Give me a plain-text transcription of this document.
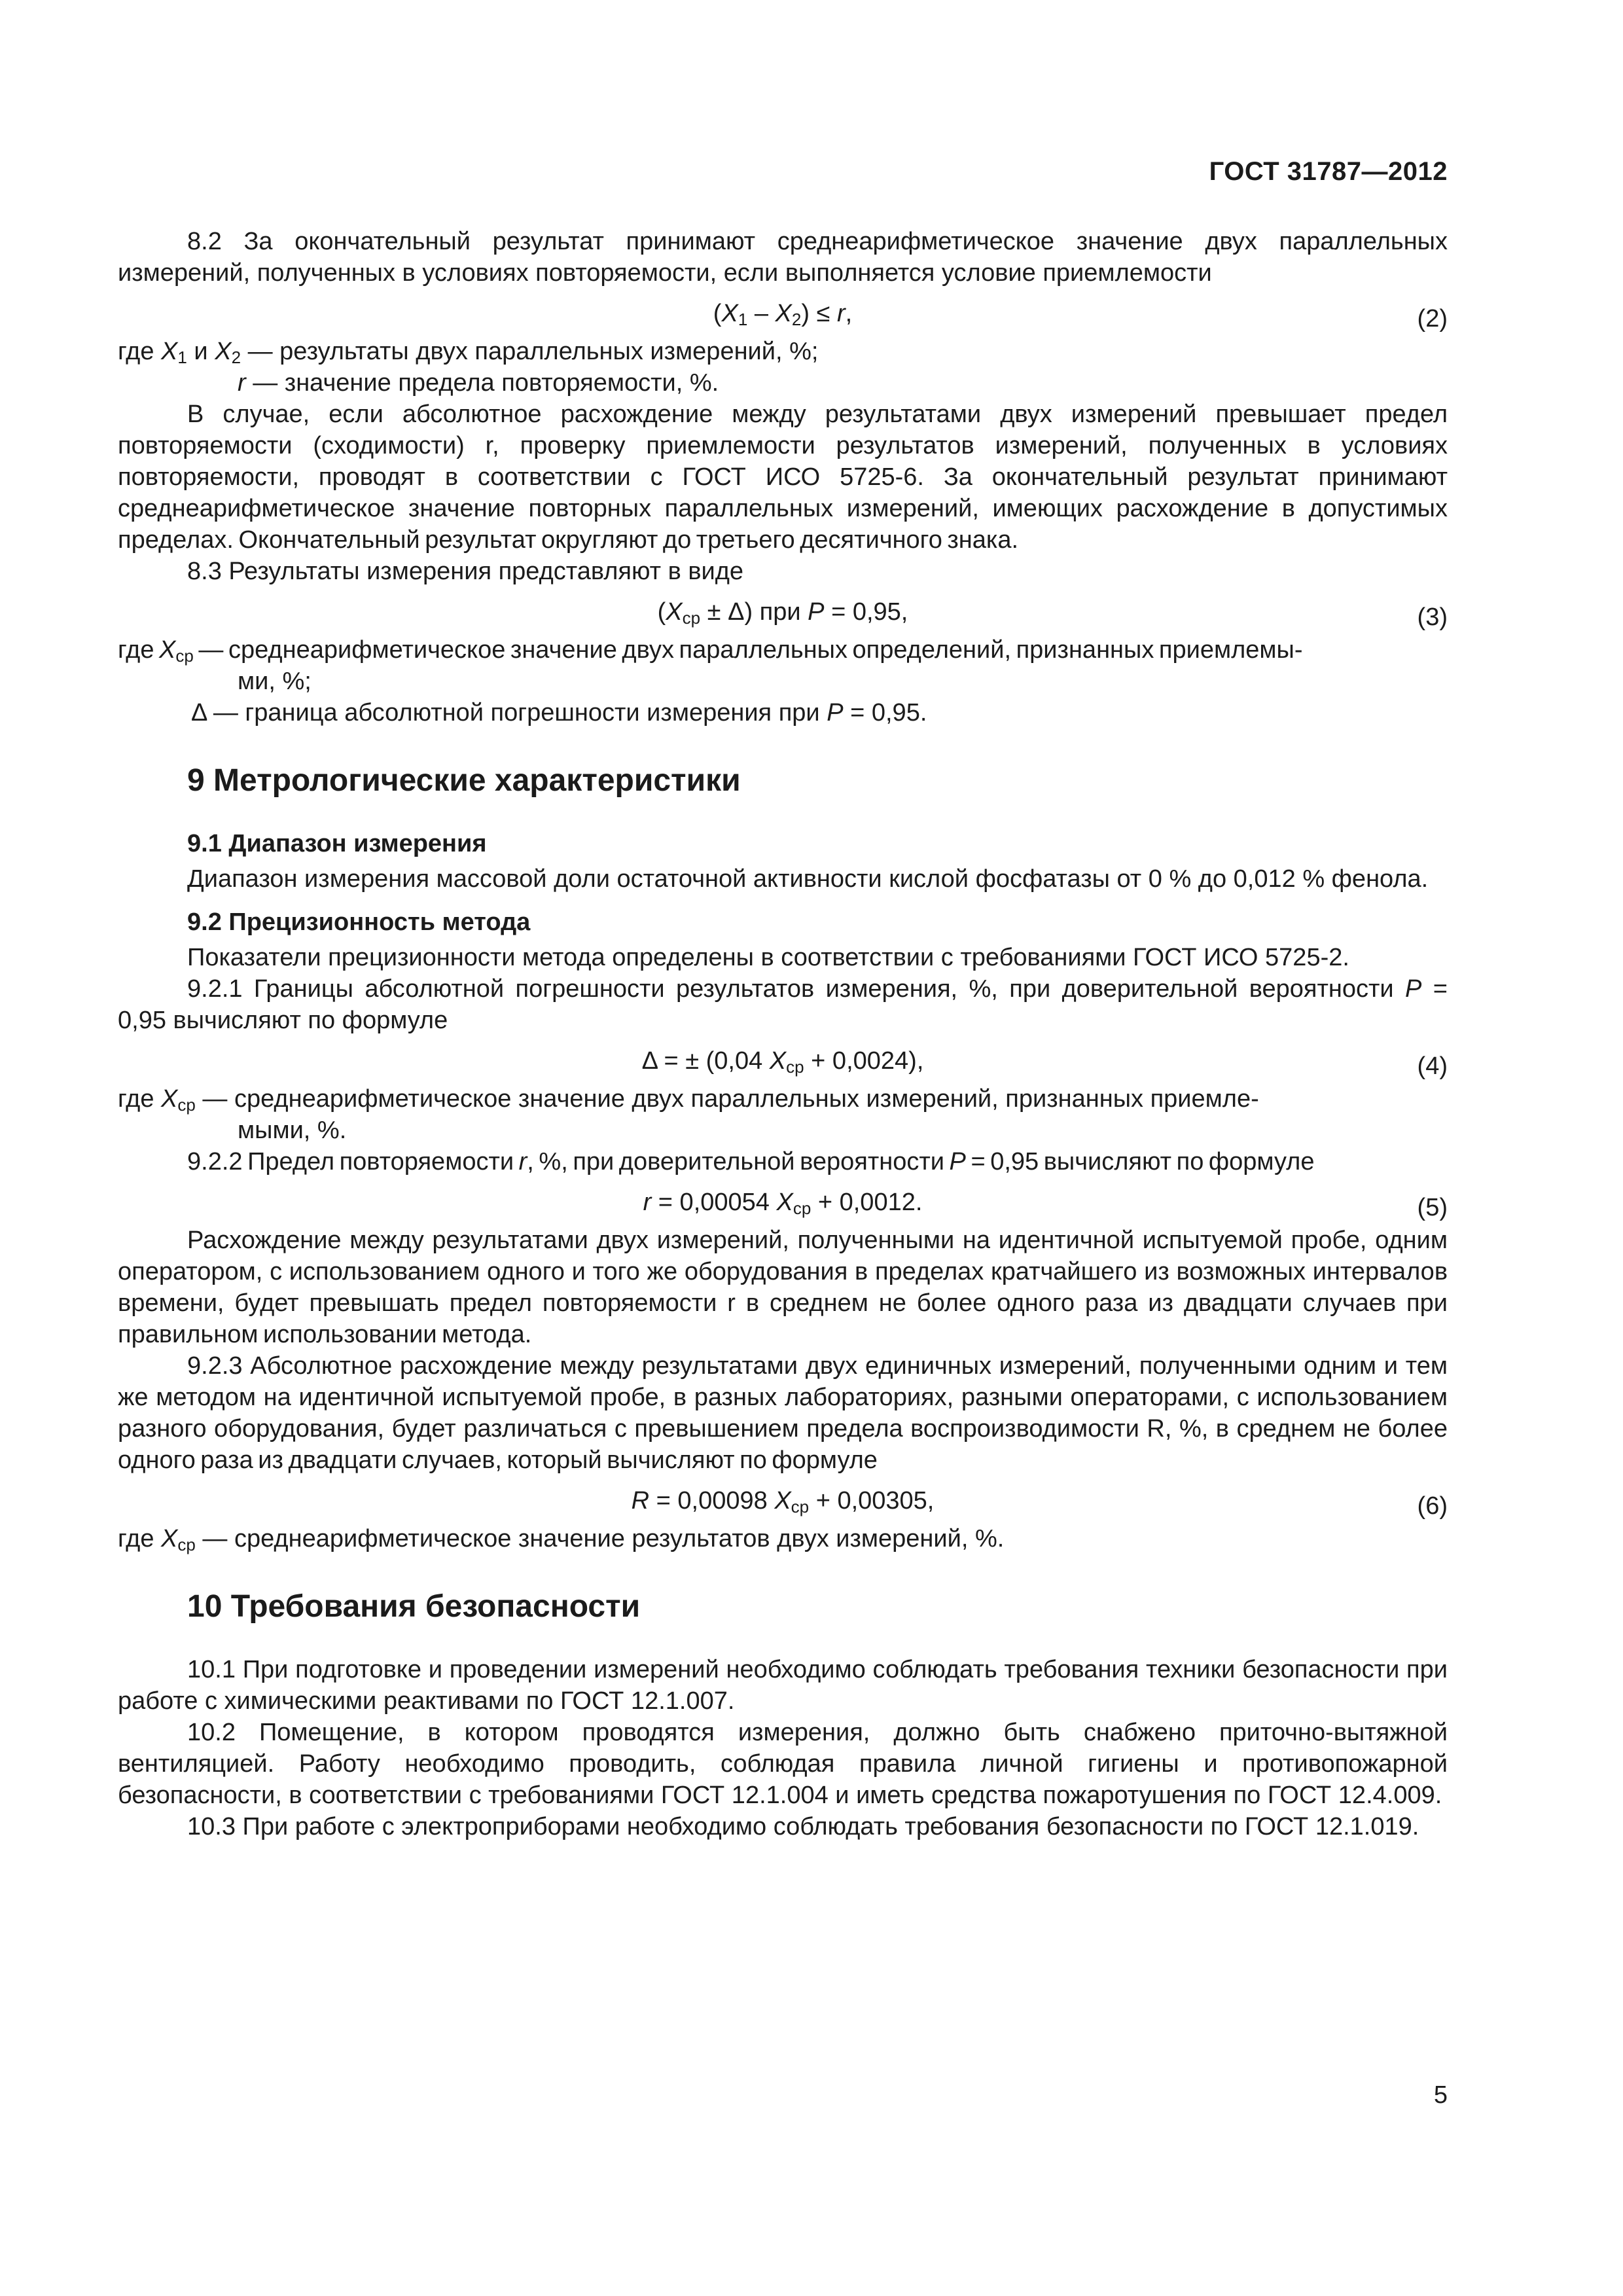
ГОСТ 31787—2012

8.2 За окончательный результат принимают среднеарифметическое значение двух параллельных измерений, полученных в условиях повторяемости, если выполняется условие приемлемости

$(X_1 - X_2) \le r$,	(2)

где $X_1$ и $X_2$ — результаты двух параллельных измерений, %;

r — значение предела повторяемости, %.

В случае, если абсолютное расхождение между результатами двух измерений превышает предел повторяемости (сходимости) r, проверку приемлемости результатов измерений, полученных в условиях повторяемости, проводят в соответствии с ГОСТ ИСО 5725-6. За окончательный результат принимают среднеарифметическое значение повторных параллельных измерений, имеющих расхождение в допустимых пределах. Окончательный результат округляют до третьего десятичного знака.

8.3 Результаты измерения представляют в виде

$(X_{ср} \pm \Delta)$ при P = 0,95,	(3)

где $X_{ср}$ — среднеарифметическое значение двух параллельных определений, признанных приемлемы-

ми, %;

Δ — граница абсолютной погрешности измерения при P = 0,95.

9 Метрологические характеристики
9.1 Диапазон измерения

Диапазон измерения массовой доли остаточной активности кислой фосфатазы от 0 % до 0,012 % фенола.

9.2 Прецизионность метода

Показатели прецизионности метода определены в соответствии с требованиями ГОСТ ИСО 5725-2.

9.2.1 Границы абсолютной погрешности результатов измерения, %, при доверительной вероятности P = 0,95 вычисляют по формуле

Δ = ± (0,04 $X_{ср} + 0,0024$),	(4)

где $X_{ср}$ — среднеарифметическое значение двух параллельных измерений, признанных приемле-

мыми, %.

9.2.2 Предел повторяемости r, %, при доверительной вероятности P = 0,95 вычисляют по формуле

r = 0,00054 $X_{ср} + 0,0012$.	(5)

Расхождение между результатами двух измерений, полученными на идентичной испытуемой пробе, одним оператором, с использованием одного и того же оборудования в пределах кратчайшего из возможных интервалов времени, будет превышать предел повторяемости r в среднем не более одного раза из двадцати случаев при правильном использовании метода.

9.2.3 Абсолютное расхождение между результатами двух единичных измерений, полученными одним и тем же методом на идентичной испытуемой пробе, в разных лабораториях, разными операторами, с использованием разного оборудования, будет различаться с превышением предела воспроизводимости R, %, в среднем не более одного раза из двадцати случаев, который вычисляют по формуле

R = 0,00098 $X_{ср} + 0,00305$,	(6)

где $X_{ср}$ — среднеарифметическое значение результатов двух измерений, %.

10 Требования безопасности

10.1 При подготовке и проведении измерений необходимо соблюдать требования техники безопасности при работе с химическими реактивами по ГОСТ 12.1.007.

10.2 Помещение, в котором проводятся измерения, должно быть снабжено приточно-вытяжной вентиляцией. Работу необходимо проводить, соблюдая правила личной гигиены и противопожарной безопасности, в соответствии с требованиями ГОСТ 12.1.004 и иметь средства пожаротушения по ГОСТ 12.4.009.

10.3 При работе с электроприборами необходимо соблюдать требования безопасности по ГОСТ 12.1.019.

5
